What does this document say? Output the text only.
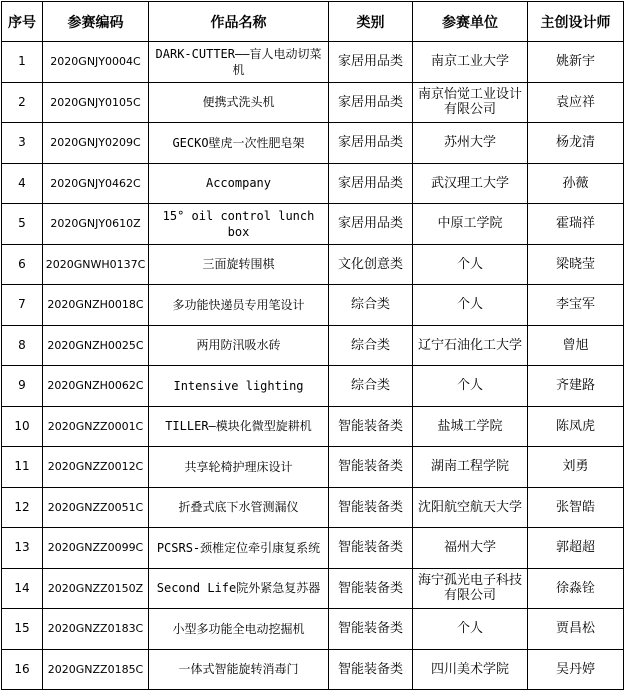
序号	参赛编码	作品名称	类别	参赛单位	主创设计师
1	2020GNJY0004C	DARK-CUTTER——盲人电动切菜机	家居用品类	南京工业大学	姚新宇
2	2020GNJY0105C	便携式洗头机	家居用品类	南京怡觉工业设计有限公司	袁应祥
3	2020GNJY0209C	GECKO壁虎一次性肥皂架	家居用品类	苏州大学	杨龙清
4	2020GNJY0462C	Accompany	家居用品类	武汉理工大学	孙薇
5	2020GNJY0610Z	15° oil control lunch box	家居用品类	中原工学院	霍瑞祥
6	2020GNWH0137C	三面旋转围棋	文化创意类	个人	梁晓莹
7	2020GNZH0018C	多功能快递员专用笔设计	综合类	个人	李宝军
8	2020GNZH0025C	两用防汛吸水砖	综合类	辽宁石油化工大学	曾旭
9	2020GNZH0062C	Intensive lighting	综合类	个人	齐建路
10	2020GNZZ0001C	TILLER—模块化微型旋耕机	智能装备类	盐城工学院	陈凤虎
11	2020GNZZ0012C	共享轮椅护理床设计	智能装备类	湖南工程学院	刘勇
12	2020GNZZ0051C	折叠式底下水管测漏仪	智能装备类	沈阳航空航天大学	张智皓
13	2020GNZZ0099C	PCSRS-颈椎定位牵引康复系统	智能装备类	福州大学	郭超超
14	2020GNZZ0150Z	Second Life院外紧急复苏器	智能装备类	海宁孤光电子科技有限公司	徐淼铨
15	2020GNZZ0183C	小型多功能全电动挖掘机	智能装备类	个人	贾昌松
16	2020GNZZ0185C	一体式智能旋转消毒门	智能装备类	四川美术学院	吴丹婷
